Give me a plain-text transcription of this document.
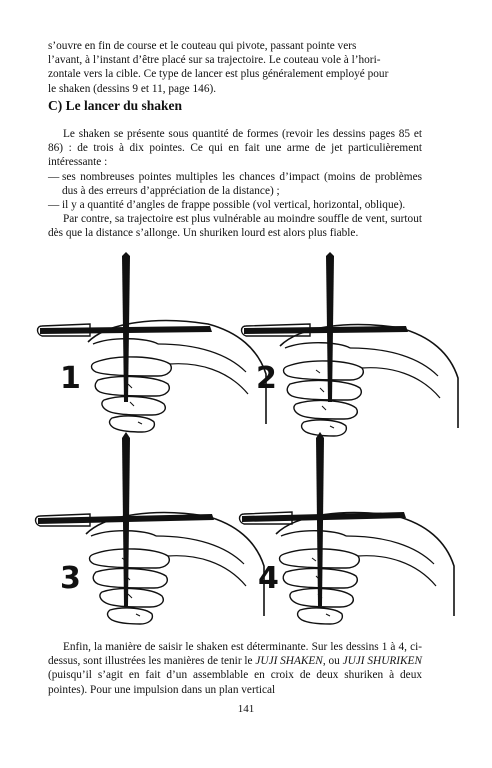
s’ouvre en fin de course et le couteau qui pivote, passant pointe vers
l’avant, à l’instant d’être placé sur sa trajectoire. Le couteau vole à l’hori-
zontale vers la cible. Ce type de lancer est plus généralement employé pour
le shaken (dessins 9 et 11, page 146).
C) Le lancer du shaken
Le shaken se présente sous quantité de formes (revoir les dessins pages 85 et 86) : de trois à dix pointes. Ce qui en fait une arme de jet particulièrement intéressante :
— ses nombreuses pointes multiples les chances d’impact (moins de problèmes dus à des erreurs d’appréciation de la distance) ;
— il y a quantité d’angles de frappe possible (vol vertical, horizontal, oblique).
Par contre, sa trajectoire est plus vulnérable au moindre souffle de vent, surtout dès que la distance s’allonge. Un shuriken lourd est alors plus fiable.
1	2
3	4
Enfin, la manière de saisir le shaken est déterminante. Sur les dessins 1 à 4, ci-dessus, sont illustrées les manières de tenir le JUJI SHAKEN, ou JUJI SHURIKEN (puisqu’il s’agit en fait d’un assemblable en croix de deux shuriken à deux pointes). Pour une impulsion dans un plan vertical
141
